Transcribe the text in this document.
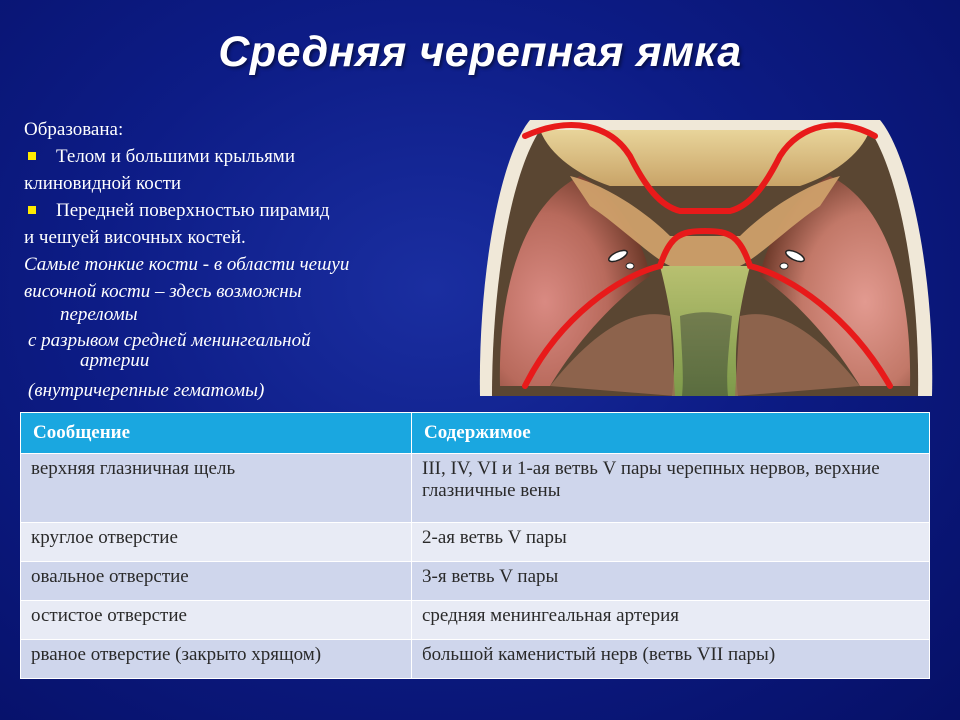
Средняя черепная ямка
Образована:
Телом и большими крыльями
клиновидной кости
Передней поверхностью пирамид
и чешуей височных костей.
Самые тонкие кости - в области чешуи
височной кости – здесь возможны
переломы
с разрывом средней менингеальной
артерии
(внутричерепные гематомы)
Сообщение	Содержимое
верхняя глазничная щель	III, IV, VI и 1-ая ветвь V пары черепных нервов, верхние глазничные вены
круглое отверстие	2-ая ветвь V пары
овальное отверстие	3-я ветвь V пары
остистое отверстие	средняя менингеальная артерия
рваное отверстие (закрыто хрящом)	большой каменистый нерв (ветвь VII пары)
